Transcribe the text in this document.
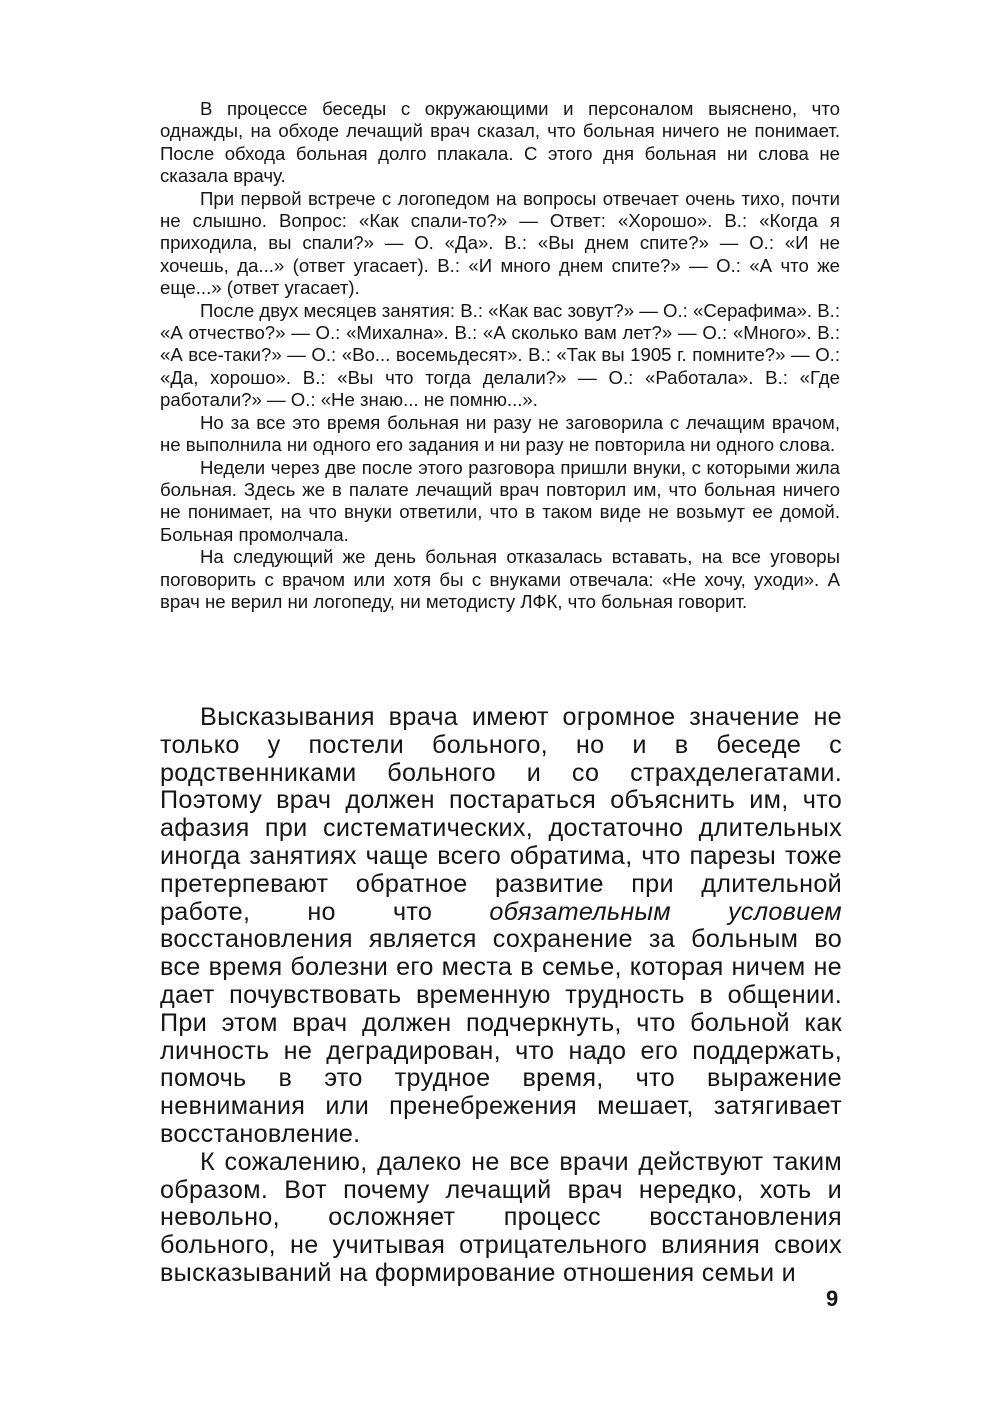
В процессе беседы с окружающими и персоналом выяснено, что однажды, на обходе лечащий врач сказал, что больная ничего не понимает. После обхода больная долго плакала. С этого дня больная ни слова не сказала врачу.

При первой встрече с логопедом на вопросы отвечает очень тихо, почти не слышно. Вопрос: «Как спали-то?» — Ответ: «Хорошо». В.: «Когда я приходила, вы спали?» — О. «Да». В.: «Вы днем спите?» — О.: «И не хочешь, да...» (ответ угасает). В.: «И много днем спите?» — О.: «А что же еще...» (ответ угасает).

После двух месяцев занятия: В.: «Как вас зовут?» — О.: «Серафима». В.: «А отчество?» — О.: «Михална». В.: «А сколько вам лет?» — О.: «Много». В.: «А все-таки?» — О.: «Во... восемьдесят». В.: «Так вы 1905 г. помните?» — О.: «Да, хорошо». В.: «Вы что тогда делали?» — О.: «Работала». В.: «Где работали?» — О.: «Не знаю... не помню...».

Но за все это время больная ни разу не заговорила с лечащим врачом, не выполнила ни одного его задания и ни разу не повторила ни одного слова.

Недели через две после этого разговора пришли внуки, с которыми жила больная. Здесь же в палате лечащий врач повторил им, что больная ничего не понимает, на что внуки ответили, что в таком виде не возьмут ее домой. Больная промолчала.

На следующий же день больная отказалась вставать, на все уговоры поговорить с врачом или хотя бы с внуками отвечала: «Не хочу, уходи». А врач не верил ни логопеду, ни методисту ЛФК, что больная говорит.

Высказывания врача имеют огромное значение не только у постели больного, но и в беседе с родственниками больного и со страхделегатами. Поэтому врач должен постараться объяснить им, что афазия при систематических, достаточно длительных иногда занятиях чаще всего обратима, что парезы тоже претерпевают обратное развитие при длительной работе, но что обязательным условием восстановления является сохранение за больным во все время болезни его места в семье, которая ничем не дает почувствовать временную трудность в общении. При этом врач должен подчеркнуть, что больной как личность не деградирован, что надо его поддержать, помочь в это трудное время, что выражение невнимания или пренебрежения мешает, затягивает восстановление.

К сожалению, далеко не все врачи действуют таким образом. Вот почему лечащий врач нередко, хоть и невольно, осложняет процесс восстановления больного, не учитывая отрицательного влияния своих высказываний на формирование отношения семьи и

9
